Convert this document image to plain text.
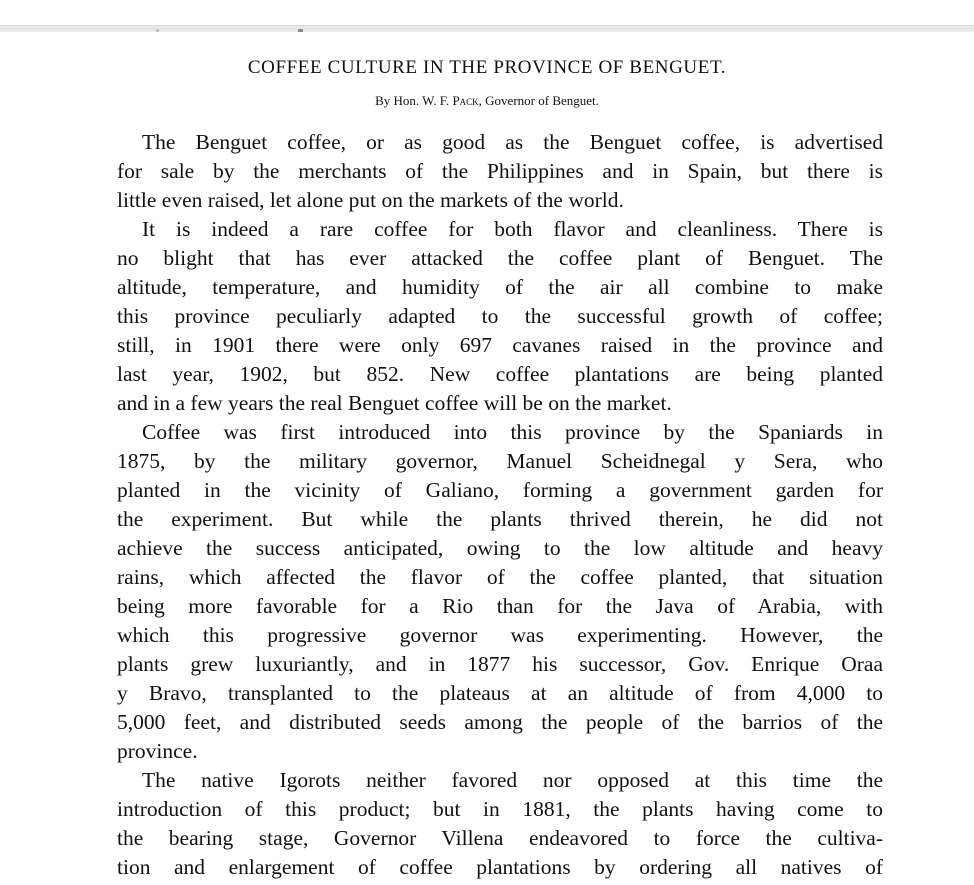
COFFEE CULTURE IN THE PROVINCE OF BENGUET.
By Hon. W. F. Pack, Governor of Benguet.
The Benguet coffee, or as good as the Benguet coffee, is advertised
for sale by the merchants of the Philippines and in Spain, but there is
little even raised, let alone put on the markets of the world.
It is indeed a rare coffee for both flavor and cleanliness. There is
no blight that has ever attacked the coffee plant of Benguet. The
altitude, temperature, and humidity of the air all combine to make
this province peculiarly adapted to the successful growth of coffee;
still, in 1901 there were only 697 cavanes raised in the province and
last year, 1902, but 852. New coffee plantations are being planted
and in a few years the real Benguet coffee will be on the market.
Coffee was first introduced into this province by the Spaniards in
1875, by the military governor, Manuel Scheidnegal y Sera, who
planted in the vicinity of Galiano, forming a government garden for
the experiment. But while the plants thrived therein, he did not
achieve the success anticipated, owing to the low altitude and heavy
rains, which affected the flavor of the coffee planted, that situation
being more favorable for a Rio than for the Java of Arabia, with
which this progressive governor was experimenting. However, the
plants grew luxuriantly, and in 1877 his successor, Gov. Enrique Oraa
y Bravo, transplanted to the plateaus at an altitude of from 4,000 to
5,000 feet, and distributed seeds among the people of the barrios of the
province.
The native Igorots neither favored nor opposed at this time the
introduction of this product; but in 1881, the plants having come to
the bearing stage, Governor Villena endeavored to force the cultiva-
tion and enlargement of coffee plantations by ordering all natives of
